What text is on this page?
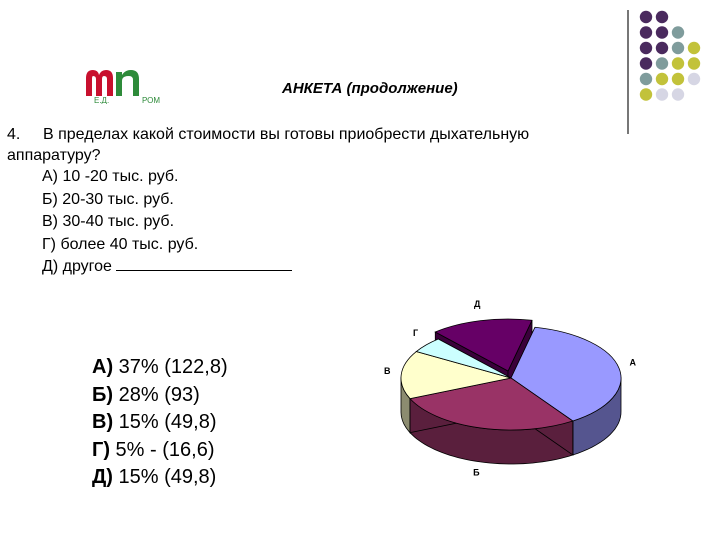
Е.Д.	РОМ
АНКЕТА (продолжение)
4. В пределах какой стоимости вы готовы приобрести дыхательную аппаратуру?
А) 10 -20 тыс. руб.
Б) 20-30 тыс. руб.
В) 30-40 тыс. руб.
Г) более 40 тыс. руб.
Д) другое
А) 37% (122,8)
Б) 28% (93)
В) 15% (49,8)
Г) 5% - (16,6)
Д) 15% (49,8)
А
Б
В
Г
Д
